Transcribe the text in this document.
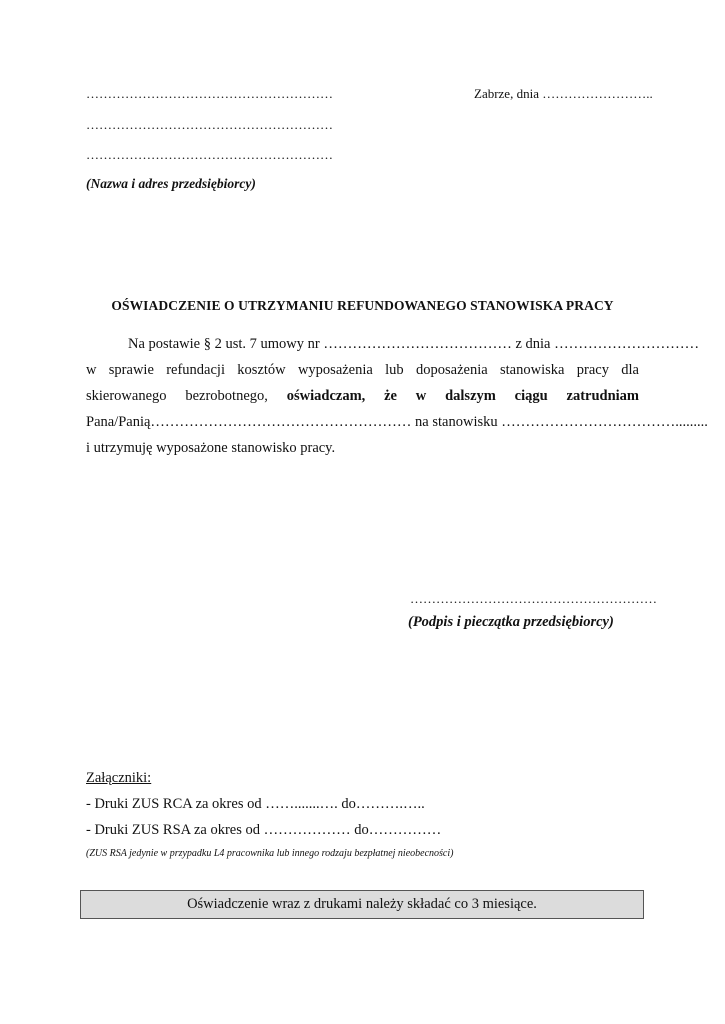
…………………………………………………
…………………………………………………
…………………………………………………
(Nazwa i adres przedsiębiorcy)
Zabrze, dnia ……………………..
OŚWIADCZENIE O UTRZYMANIU REFUNDOWANEGO STANOWISKA PRACY
Na postawie § 2 ust. 7 umowy nr ………………………………… z dnia …………………………
w sprawie refundacji kosztów wyposażenia lub doposażenia stanowiska pracy dla
skierowanego bezrobotnego, oświadczam, że w dalszym ciągu zatrudniam
Pana/Panią……………………………………………… na stanowisku ……………………………….........
i utrzymuję wyposażone stanowisko pracy.
…………………………………………………
(Podpis i pieczątka przedsiębiorcy)
Załączniki:
- Druki ZUS RCA za okres od …….......…. do……….…..
- Druki ZUS RSA za okres od ……………… do……………
(ZUS RSA jedynie w przypadku L4 pracownika lub innego rodzaju bezpłatnej nieobecności)
Oświadczenie wraz z drukami należy składać co 3 miesiące.
